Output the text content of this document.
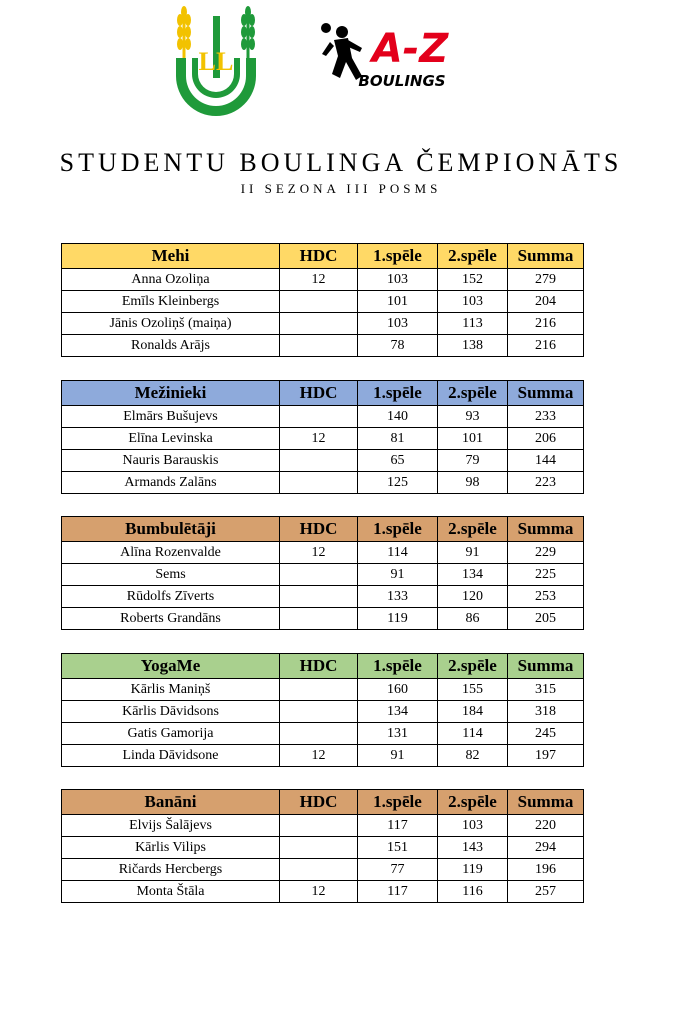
LL	A-Z
BOULINGS
STUDENTU BOULINGA ČEMPIONĀTS
II SEZONA III POSMS
Mehi	HDC	1.spēle	2.spēle	Summa
Anna Ozoliņa	12	103	152	279
Emīls Kleinbergs		101	103	204
Jānis Ozoliņš (maiņa)		103	113	216
Ronalds Arājs		78	138	216
Mežinieki	HDC	1.spēle	2.spēle	Summa
Elmārs Bušujevs		140	93	233
Elīna Levinska	12	81	101	206
Nauris Barauskis		65	79	144
Armands Zalāns		125	98	223
Bumbulētāji	HDC	1.spēle	2.spēle	Summa
Alīna Rozenvalde	12	114	91	229
Sems		91	134	225
Rūdolfs Zīverts		133	120	253
Roberts Grandāns		119	86	205
YogaMe	HDC	1.spēle	2.spēle	Summa
Kārlis Maniņš		160	155	315
Kārlis Dāvidsons		134	184	318
Gatis Gamorija		131	114	245
Linda Dāvidsone	12	91	82	197
Banāni	HDC	1.spēle	2.spēle	Summa
Elvijs Šalājevs		117	103	220
Kārlis Vilips		151	143	294
Ričards Hercbergs		77	119	196
Monta Štāla	12	117	116	257
